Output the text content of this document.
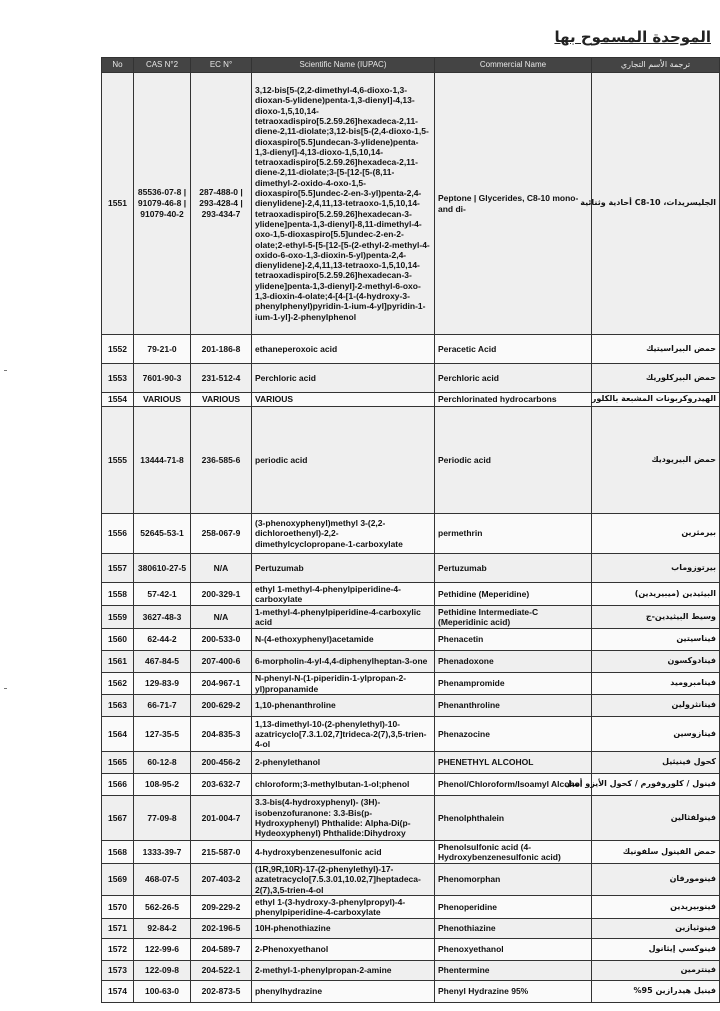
الموحدة المسموح بها
No	CAS N°2	EC N°	Scientific Name (IUPAC)	Commercial Name	ترجمة الأسم التجاري
1551	85536-07-8 | 91079-46-8 | 91079-40-2	287-488-0 | 293-428-4 | 293-434-7	3,12-bis[5-(2,2-dimethyl-4,6-dioxo-1,3-dioxan-5-ylidene)penta-1,3-dienyl]-4,13-dioxo-1,5,10,14-tetraoxadispiro[5.2.59.26]hexadeca-2,11-diene-2,11-diolate;3,12-bis[5-(2,4-dioxo-1,5-dioxaspiro[5.5]undecan-3-ylidene)penta-1,3-dienyl]-4,13-dioxo-1,5,10,14-tetraoxadispiro[5.2.59.26]hexadeca-2,11-diene-2,11-diolate;3-[5-[12-[5-(8,11-dimethyl-2-oxido-4-oxo-1,5-dioxaspiro[5.5]undec-2-en-3-yl)penta-2,4-dienylidene]-2,4,11,13-tetraoxo-1,5,10,14-tetraoxadispiro[5.2.59.26]hexadecan-3-ylidene]penta-1,3-dienyl]-8,11-dimethyl-4-oxo-1,5-dioxaspiro[5.5]undec-2-en-2-olate;2-ethyl-5-[5-[12-[5-(2-ethyl-2-methyl-4-oxido-6-oxo-1,3-dioxin-5-yl)penta-2,4-dienylidene]-2,4,11,13-tetraoxo-1,5,10,14-tetraoxadispiro[5.2.59.26]hexadecan-3-ylidene]penta-1,3-dienyl]-2-methyl-6-oxo-1,3-dioxin-4-olate;4-[4-[1-(4-hydroxy-3-phenylphenyl)pyridin-1-ium-4-yl]pyridin-1-ium-1-yl]-2-phenylphenol	Peptone | Glycerides, C8-10 mono-and di-	الجليسريدات، C8-10 أحادية وثنائية
1552	79-21-0	201-186-8	ethaneperoxoic acid	Peracetic Acid	حمض البيراسيتيك
1553	7601-90-3	231-512-4	Perchloric acid	Perchloric acid	حمض البيركلوريك
1554	VARIOUS	VARIOUS	VARIOUS	Perchlorinated hydrocarbons	الهيدروكربونات المشبعة بالكلور
1555	13444-71-8	236-585-6	periodic acid	Periodic acid	حمض البيريوديك
1556	52645-53-1	258-067-9	(3-phenoxyphenyl)methyl 3-(2,2-dichloroethenyl)-2,2-dimethylcyclopropane-1-carboxylate	permethrin	بيرمثرين
1557	380610-27-5	N/A	Pertuzumab	Pertuzumab	بيرتوزوماب
1558	57-42-1	200-329-1	ethyl 1-methyl-4-phenylpiperidine-4-carboxylate	Pethidine (Meperidine)	البيثيدين (ميبيريدين)
1559	3627-48-3	N/A	1-methyl-4-phenylpiperidine-4-carboxylic acid	Pethidine Intermediate-C (Meperidinic acid)	وسيط البيثيدين-ج
1560	62-44-2	200-533-0	N-(4-ethoxyphenyl)acetamide	Phenacetin	فيناسيتين
1561	467-84-5	207-400-6	6-morpholin-4-yl-4,4-diphenylheptan-3-one	Phenadoxone	فينادوكسون
1562	129-83-9	204-967-1	N-phenyl-N-(1-piperidin-1-ylpropan-2-yl)propanamide	Phenampromide	فينامبروميد
1563	66-71-7	200-629-2	1,10-phenanthroline	Phenanthroline	فينانثرولين
1564	127-35-5	204-835-3	1,13-dimethyl-10-(2-phenylethyl)-10-azatricyclo[7.3.1.02,7]trideca-2(7),3,5-trien-4-ol	Phenazocine	فينازوسين
1565	60-12-8	200-456-2	2-phenylethanol	PHENETHYL ALCOHOL	كحول فينيثيل
1566	108-95-2	203-632-7	chloroform;3-methylbutan-1-ol;phenol	Phenol/Chloroform/Isoamyl Alcohol	فينول / كلوروفورم / كحول الأيزو أميل
1567	77-09-8	201-004-7	3.3-bis(4-hydroxyphenyl)- (3H)- isobenzofuranone: 3.3-Bis(p-Hydroxyphenyl) Phthalide: Alpha-Di(p-Hydeoxyphenyl) Phthalide:Dihydroxy	Phenolphthalein	فينولفثالين
1568	1333-39-7	215-587-0	4-hydroxybenzenesulfonic acid	Phenolsulfonic acid (4-Hydroxybenzenesulfonic acid)	حمض الفينول سلفونيك
1569	468-07-5	207-403-2	(1R,9R,10R)-17-(2-phenylethyl)-17-azatetracyclo[7.5.3.01,10.02,7]heptadeca-2(7),3,5-trien-4-ol	Phenomorphan	فينومورفان
1570	562-26-5	209-229-2	ethyl 1-(3-hydroxy-3-phenylpropyl)-4-phenylpiperidine-4-carboxylate	Phenoperidine	فينوبيريدين
1571	92-84-2	202-196-5	10H-phenothiazine	Phenothiazine	فينوثيازين
1572	122-99-6	204-589-7	2-Phenoxyethanol	Phenoxyethanol	فينوكسي إيثانول
1573	122-09-8	204-522-1	2-methyl-1-phenylpropan-2-amine	Phentermine	فينترمين
1574	100-63-0	202-873-5	phenylhydrazine	Phenyl Hydrazine 95%	فينيل هيدرازين 95%
